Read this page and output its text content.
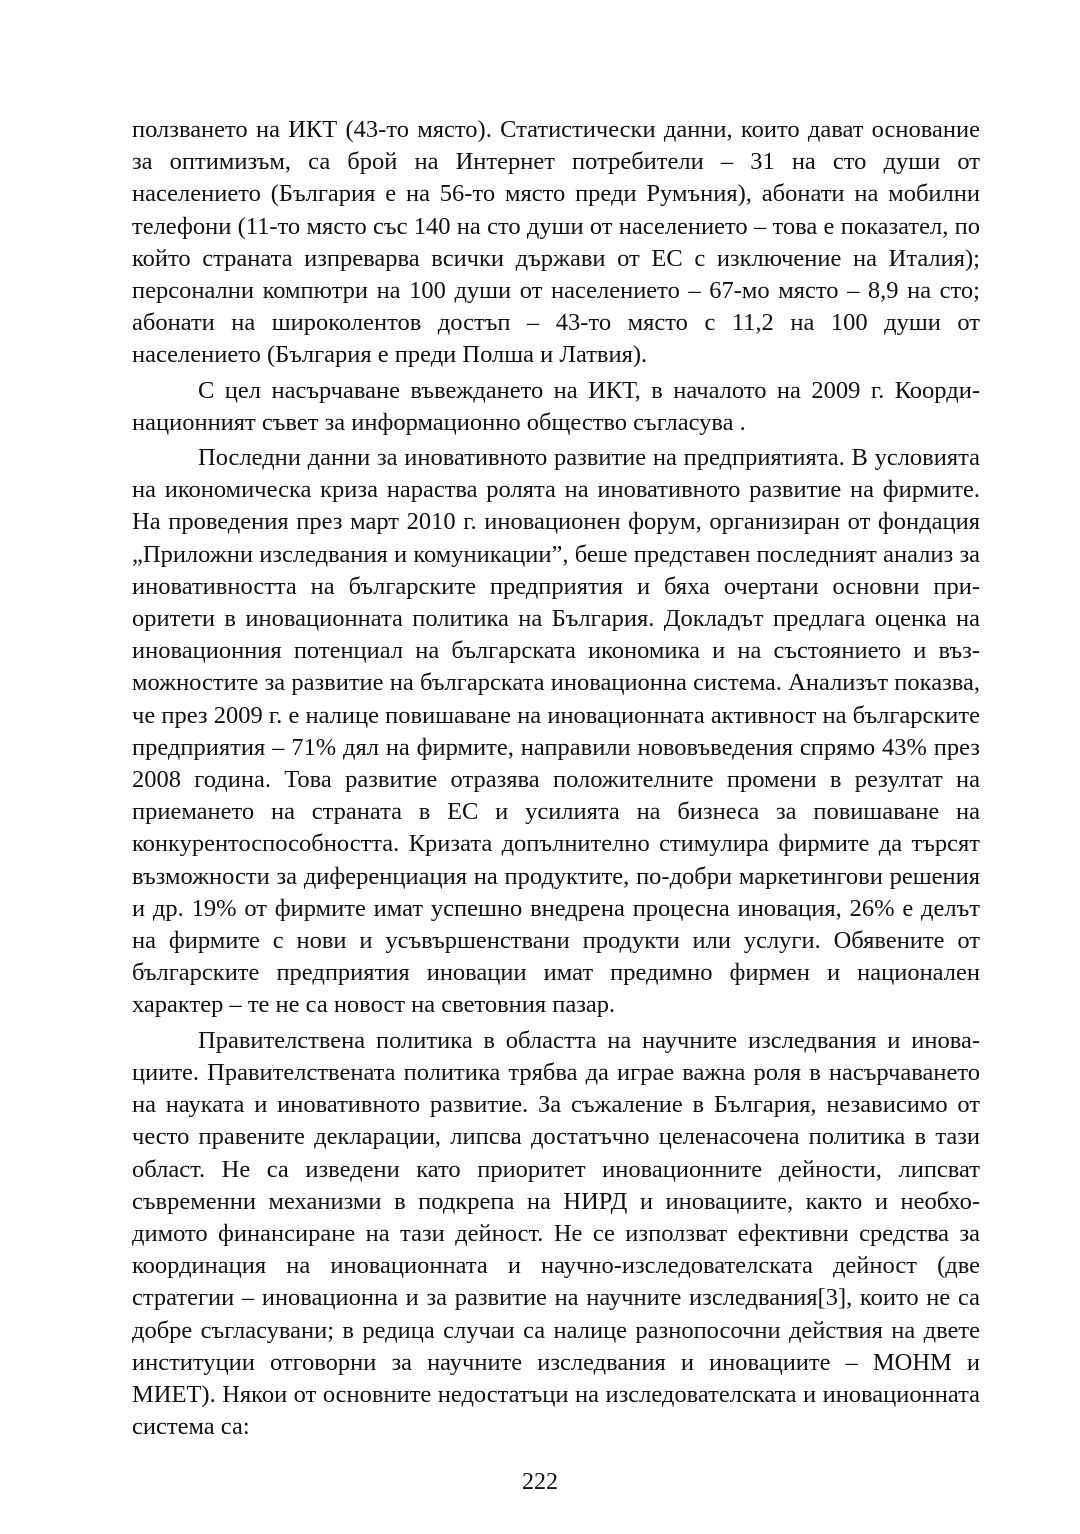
ползването на ИКТ (43-то място). Статистически данни, които дават основание за оптимизъм, са брой на Интернет потребители – 31 на сто души от населението (България е на 56-то място преди Румъния), абонати на мобилни телефони (11-то място със 140 на сто души от населението – това е показател, по който страната изпреварва всички държави от ЕС с изключение на Италия); персонални компютри на 100 души от населението – 67-мо място – 8,9 на сто; абонати на широколентов достъп – 43-то място с 11,2 на 100 души от населението (България е преди Полша и Латвия).

С цел насърчаване въвеждането на ИКТ, в началото на 2009 г. Координационният съвет за информационно общество съгласува .

Последни данни за иновативното развитие на предприятията. В условията на икономическа криза нараства ролята на иновативното развитие на фирмите. На проведения през март 2010 г. иновационен форум, организиран от фондация „Приложни изследвания и комуникации”, беше представен последният анализ за иновативността на българските предприятия и бяха очертани основни приоритети в иновационната политика на България. Докладът предлага оценка на иновационния потенциал на българската икономика и на състоянието и възможностите за развитие на българската иновационна система. Анализът показва, че през 2009 г. е налице повишаване на иновационната активност на българските предприятия – 71% дял на фирмите, направили нововъведения спрямо 43% през 2008 година. Това развитие отразява положителните промени в резултат на приемането на страната в ЕС и усилията на бизнеса за повишаване на конкурентоспособността. Кризата допълнително стимулира фирмите да търсят възможности за диференциация на продуктите, по-добри маркетингови решения и др. 19% от фирмите имат успешно внедрена процесна иновация, 26% е делът на фирмите с нови и усъвършенствани продукти или услуги. Обявените от българските предприятия иновации имат предимно фирмен и национален характер – те не са новост на световния пазар.

Правителствена политика в областта на научните изследвания и иновациите. Правителствената политика трябва да играе важна роля в насърчаването на науката и иновативното развитие. За съжаление в България, независимо от често правените декларации, липсва достатъчно целенасочена политика в тази област. Не са изведени като приоритет иновационните дейности, липсват съвременни механизми в подкрепа на НИРД и иновациите, както и необходимото финансиране на тази дейност. Не се използват ефективни средства за координация на иновационната и научно-изследователската дейност (две стратегии – иновационна и за развитие на научните изследвания[3], които не са добре съгласувани; в редица случаи са налице разнопосочни действия на двете институции отговорни за научните изследвания и иновациите – МОНМ и МИЕТ). Някои от основните недостатъци на изследователската и иновационната система са:

222
